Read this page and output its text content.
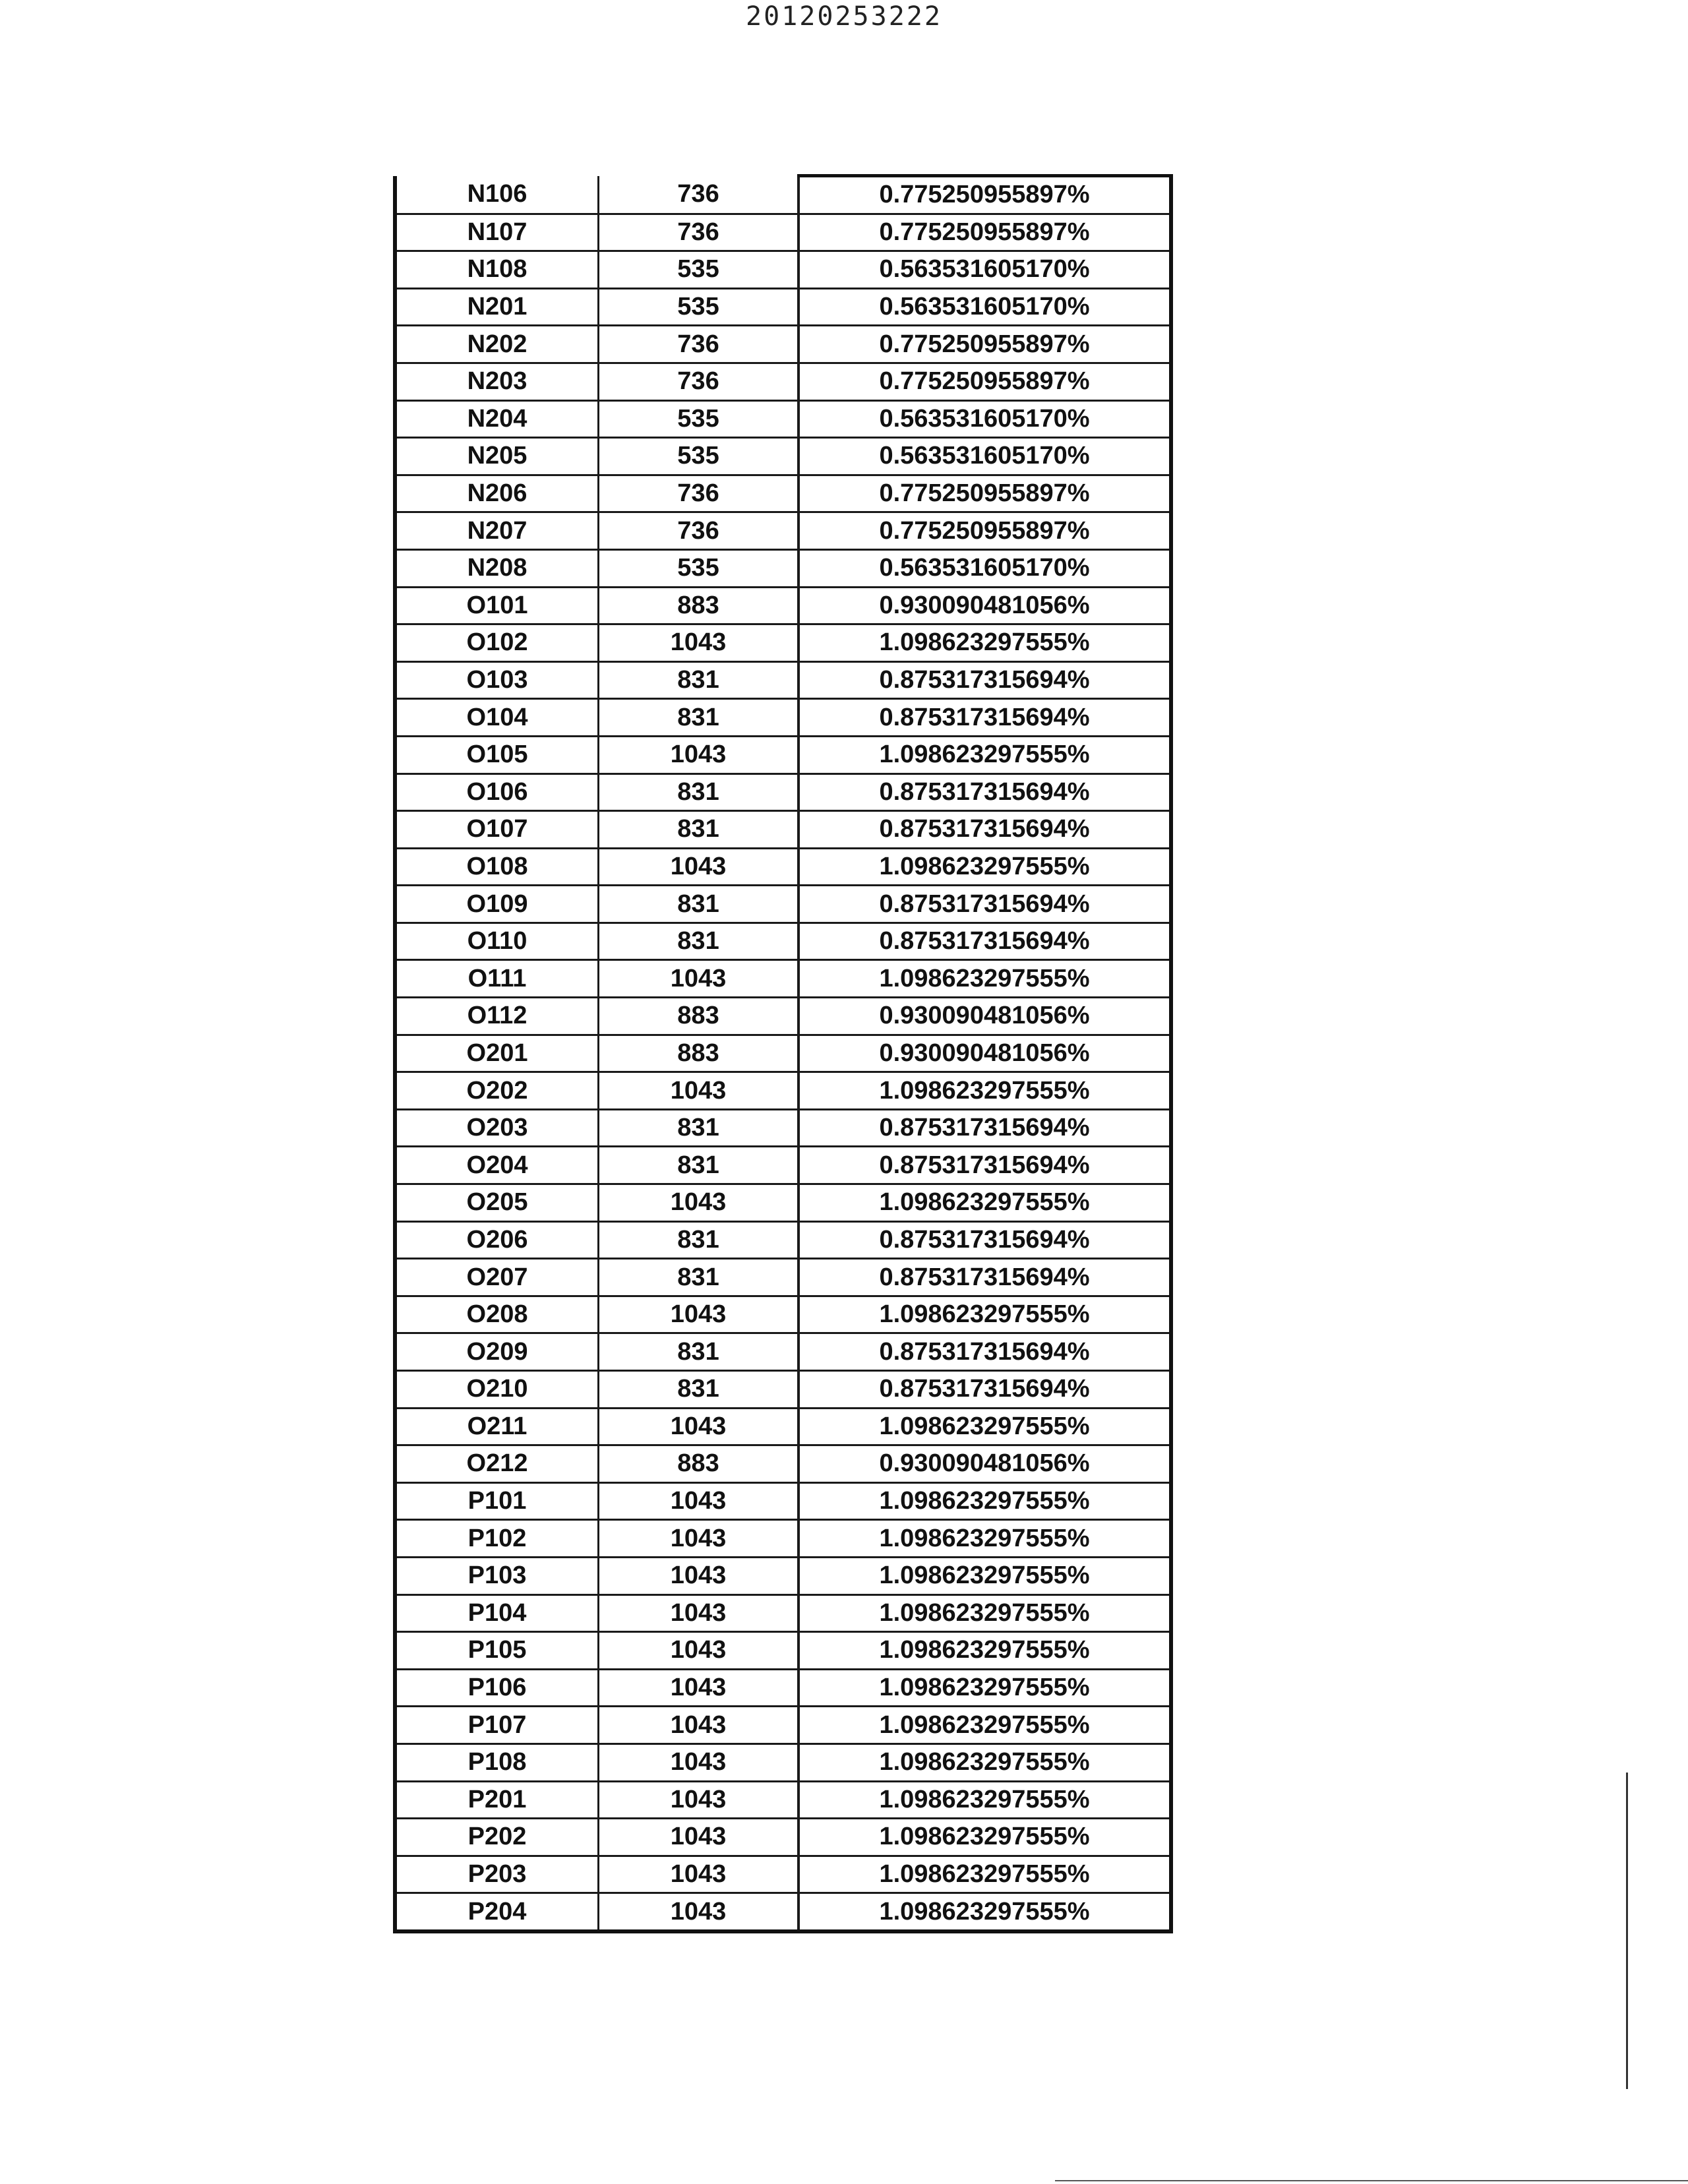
20120253222
N106	736	0.775250955897%
N107	736	0.775250955897%
N108	535	0.563531605170%
N201	535	0.563531605170%
N202	736	0.775250955897%
N203	736	0.775250955897%
N204	535	0.563531605170%
N205	535	0.563531605170%
N206	736	0.775250955897%
N207	736	0.775250955897%
N208	535	0.563531605170%
O101	883	0.930090481056%
O102	1043	1.098623297555%
O103	831	0.875317315694%
O104	831	0.875317315694%
O105	1043	1.098623297555%
O106	831	0.875317315694%
O107	831	0.875317315694%
O108	1043	1.098623297555%
O109	831	0.875317315694%
O110	831	0.875317315694%
O111	1043	1.098623297555%
O112	883	0.930090481056%
O201	883	0.930090481056%
O202	1043	1.098623297555%
O203	831	0.875317315694%
O204	831	0.875317315694%
O205	1043	1.098623297555%
O206	831	0.875317315694%
O207	831	0.875317315694%
O208	1043	1.098623297555%
O209	831	0.875317315694%
O210	831	0.875317315694%
O211	1043	1.098623297555%
O212	883	0.930090481056%
P101	1043	1.098623297555%
P102	1043	1.098623297555%
P103	1043	1.098623297555%
P104	1043	1.098623297555%
P105	1043	1.098623297555%
P106	1043	1.098623297555%
P107	1043	1.098623297555%
P108	1043	1.098623297555%
P201	1043	1.098623297555%
P202	1043	1.098623297555%
P203	1043	1.098623297555%
P204	1043	1.098623297555%
